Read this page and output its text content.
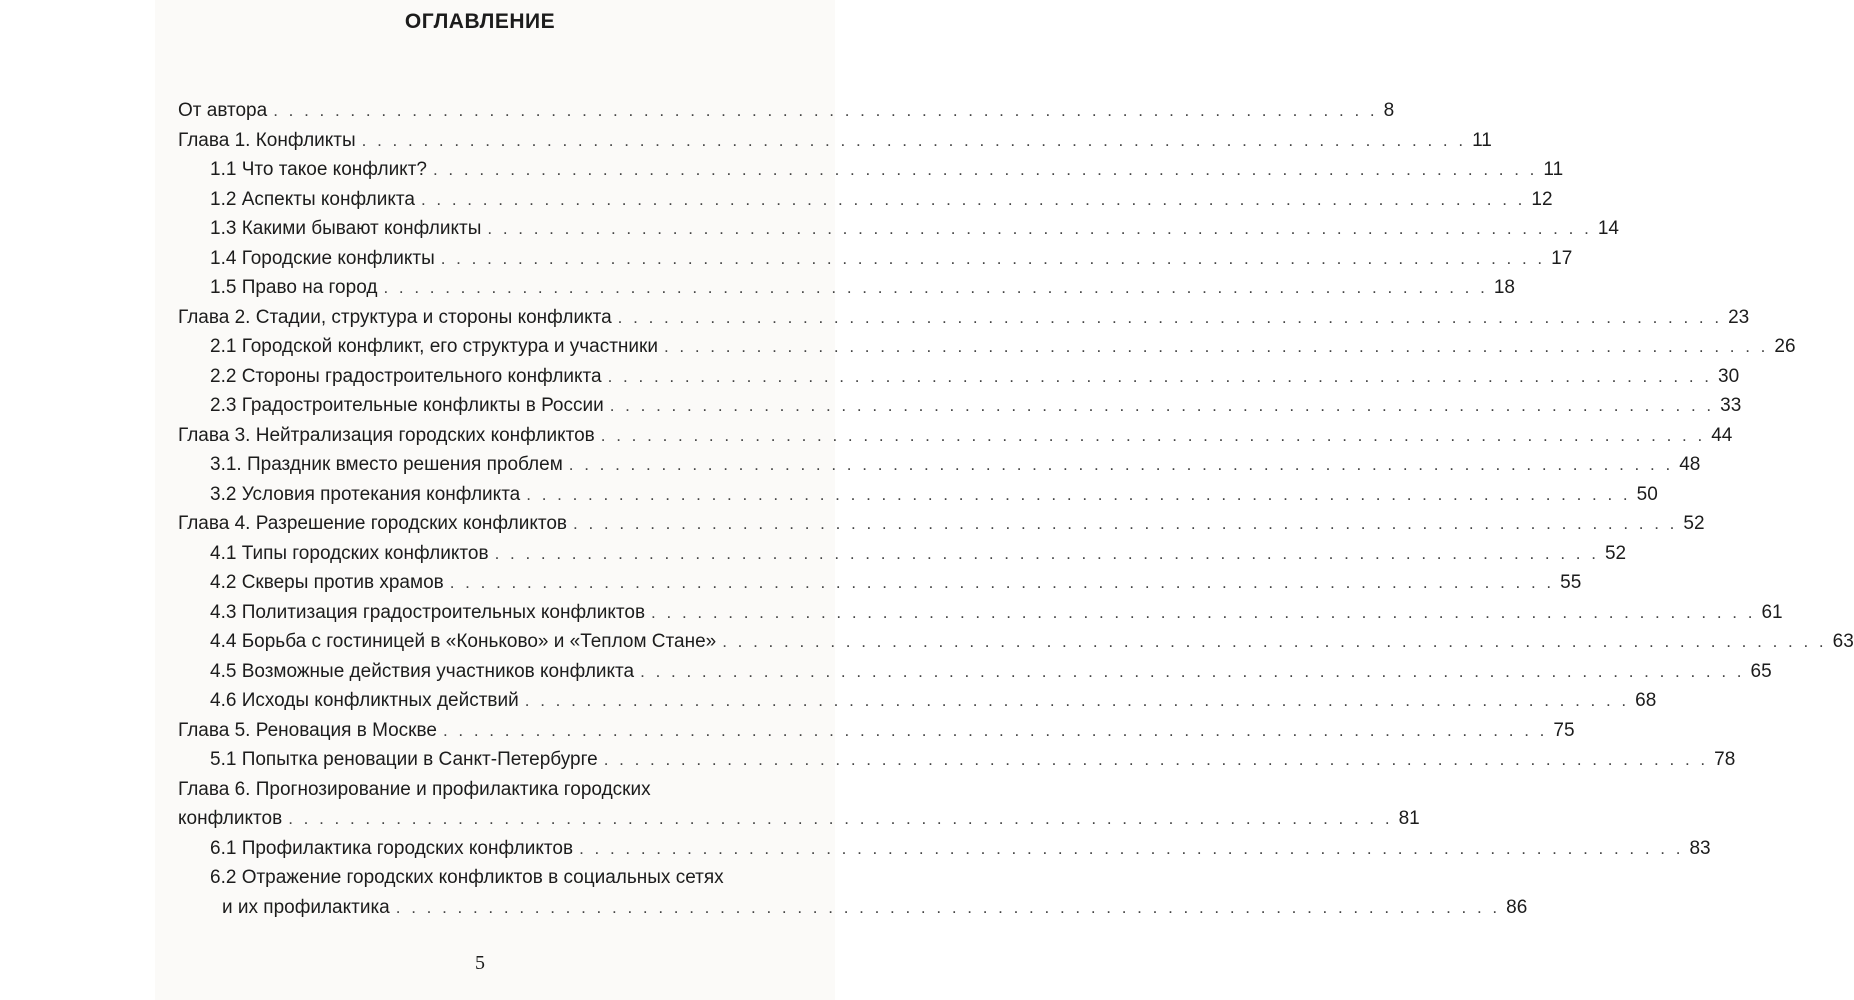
ОГЛАВЛЕНИЕ
От автора . . . . . . . . . . . . . . . . . . . . . . . . . . . . . . . . . . . . . . . . . . . . . . . . . . . . . . . . . . . . . . . . . . . . . . . . 8
Глава 1. Конфликты . . . . . . . . . . . . . . . . . . . . . . . . . . . . . . . . . . . . . . . . . . . . . . . . . . . . . . . . . . . . . . . . . . . . . . . . 11
1.1 Что такое конфликт? . . . . . . . . . . . . . . . . . . . . . . . . . . . . . . . . . . . . . . . . . . . . . . . . . . . . . . . . . . . . . . . . . . . . . . . . 11
1.2 Аспекты конфликта . . . . . . . . . . . . . . . . . . . . . . . . . . . . . . . . . . . . . . . . . . . . . . . . . . . . . . . . . . . . . . . . . . . . . . . . 12
1.3 Какими бывают конфликты . . . . . . . . . . . . . . . . . . . . . . . . . . . . . . . . . . . . . . . . . . . . . . . . . . . . . . . . . . . . . . . . . . . . . . . . 14
1.4 Городские конфликты . . . . . . . . . . . . . . . . . . . . . . . . . . . . . . . . . . . . . . . . . . . . . . . . . . . . . . . . . . . . . . . . . . . . . . . . 17
1.5 Право на город . . . . . . . . . . . . . . . . . . . . . . . . . . . . . . . . . . . . . . . . . . . . . . . . . . . . . . . . . . . . . . . . . . . . . . . . 18
Глава 2. Стадии, структура и стороны конфликта . . . . . . . . . . . . . . . . . . . . . . . . . . . . . . . . . . . . . . . . . . . . . . . . . . . . . . . . . . . . . . . . . . . . . . . . 23
2.1 Городской конфликт, его структура и участники . . . . . . . . . . . . . . . . . . . . . . . . . . . . . . . . . . . . . . . . . . . . . . . . . . . . . . . . . . . . . . . . . . . . . . . . 26
2.2 Стороны градостроительного конфликта . . . . . . . . . . . . . . . . . . . . . . . . . . . . . . . . . . . . . . . . . . . . . . . . . . . . . . . . . . . . . . . . . . . . . . . . 30
2.3 Градостроительные конфликты в России . . . . . . . . . . . . . . . . . . . . . . . . . . . . . . . . . . . . . . . . . . . . . . . . . . . . . . . . . . . . . . . . . . . . . . . . 33
Глава 3. Нейтрализация городских конфликтов . . . . . . . . . . . . . . . . . . . . . . . . . . . . . . . . . . . . . . . . . . . . . . . . . . . . . . . . . . . . . . . . . . . . . . . . 44
3.1. Праздник вместо решения проблем . . . . . . . . . . . . . . . . . . . . . . . . . . . . . . . . . . . . . . . . . . . . . . . . . . . . . . . . . . . . . . . . . . . . . . . . 48
3.2 Условия протекания конфликта . . . . . . . . . . . . . . . . . . . . . . . . . . . . . . . . . . . . . . . . . . . . . . . . . . . . . . . . . . . . . . . . . . . . . . . . 50
Глава 4. Разрешение городских конфликтов . . . . . . . . . . . . . . . . . . . . . . . . . . . . . . . . . . . . . . . . . . . . . . . . . . . . . . . . . . . . . . . . . . . . . . . . 52
4.1 Типы городских конфликтов . . . . . . . . . . . . . . . . . . . . . . . . . . . . . . . . . . . . . . . . . . . . . . . . . . . . . . . . . . . . . . . . . . . . . . . . 52
4.2 Скверы против храмов . . . . . . . . . . . . . . . . . . . . . . . . . . . . . . . . . . . . . . . . . . . . . . . . . . . . . . . . . . . . . . . . . . . . . . . . 55
4.3 Политизация градостроительных конфликтов . . . . . . . . . . . . . . . . . . . . . . . . . . . . . . . . . . . . . . . . . . . . . . . . . . . . . . . . . . . . . . . . . . . . . . . . 61
4.4 Борьба с гостиницей в «Коньково» и «Теплом Стане» . . . . . . . . . . . . . . . . . . . . . . . . . . . . . . . . . . . . . . . . . . . . . . . . . . . . . . . . . . . . . . . . . . . . . . . . 63
4.5 Возможные действия участников конфликта . . . . . . . . . . . . . . . . . . . . . . . . . . . . . . . . . . . . . . . . . . . . . . . . . . . . . . . . . . . . . . . . . . . . . . . . 65
4.6 Исходы конфликтных действий . . . . . . . . . . . . . . . . . . . . . . . . . . . . . . . . . . . . . . . . . . . . . . . . . . . . . . . . . . . . . . . . . . . . . . . . 68
Глава 5. Реновация в Москве . . . . . . . . . . . . . . . . . . . . . . . . . . . . . . . . . . . . . . . . . . . . . . . . . . . . . . . . . . . . . . . . . . . . . . . . 75
5.1 Попытка реновации в Санкт-Петербурге . . . . . . . . . . . . . . . . . . . . . . . . . . . . . . . . . . . . . . . . . . . . . . . . . . . . . . . . . . . . . . . . . . . . . . . . 78
Глава 6. Прогнозирование и профилактика городских
конфликтов . . . . . . . . . . . . . . . . . . . . . . . . . . . . . . . . . . . . . . . . . . . . . . . . . . . . . . . . . . . . . . . . . . . . . . . . 81
6.1 Профилактика городских конфликтов . . . . . . . . . . . . . . . . . . . . . . . . . . . . . . . . . . . . . . . . . . . . . . . . . . . . . . . . . . . . . . . . . . . . . . . . 83
6.2 Отражение городских конфликтов в социальных сетях
и их профилактика . . . . . . . . . . . . . . . . . . . . . . . . . . . . . . . . . . . . . . . . . . . . . . . . . . . . . . . . . . . . . . . . . . . . . . . . 86
5
